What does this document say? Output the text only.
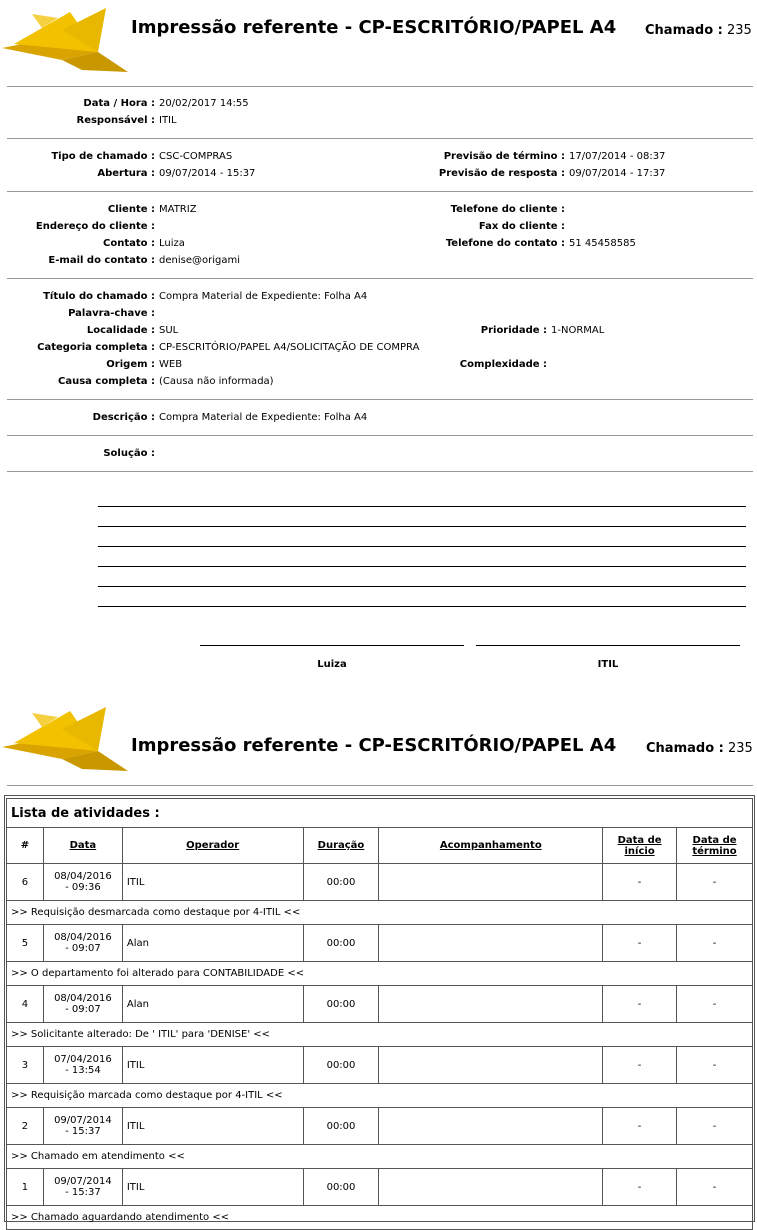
Impressão referente - CP-ESCRITÓRIO/PAPEL A4 Chamado : 235
Data / Hora : 20/02/2017 14:55
Responsável : ITIL
Tipo de chamado : CSC-COMPRAS	Previsão de término : 17/07/2014 - 08:37
Abertura : 09/07/2014 - 15:37	Previsão de resposta : 09/07/2014 - 17:37
Cliente : MATRIZ	Telefone do cliente :
Endereço do cliente :	Fax do cliente :
Contato : Luiza	Telefone do contato : 51 45458585
E-mail do contato : denise@origami
Título do chamado : Compra Material de Expediente: Folha A4
Palavra-chave :
Localidade : SUL	Prioridade : 1-NORMAL
Categoria completa : CP-ESCRITÓRIO/PAPEL A4/SOLICITAÇÃO DE COMPRA
Origem : WEB	Complexidade :
Causa completa : (Causa não informada)
Descrição : Compra Material de Expediente: Folha A4
Solução :
Luiza	ITIL
Impressão referente - CP-ESCRITÓRIO/PAPEL A4 Chamado : 235
Lista de atividades :						
#	Data	Operador	Duração	Acompanhamento	Data de início	Data de término
6	08/04/2016
- 09:36	ITIL	00:00		-	-
>> Requisição desmarcada como destaque por 4-ITIL <<						
5	08/04/2016
- 09:07	Alan	00:00		-	-
>> O departamento foi alterado para CONTABILIDADE <<						
4	08/04/2016
- 09:07	Alan	00:00		-	-
>> Solicitante alterado: De ' ITIL' para 'DENISE' <<						
3	07/04/2016
- 13:54	ITIL	00:00		-	-
>> Requisição marcada como destaque por 4-ITIL <<						
2	09/07/2014
- 15:37	ITIL	00:00		-	-
>> Chamado em atendimento <<						
1	09/07/2014
- 15:37	ITIL	00:00		-	-
>> Chamado aguardando atendimento <<						
